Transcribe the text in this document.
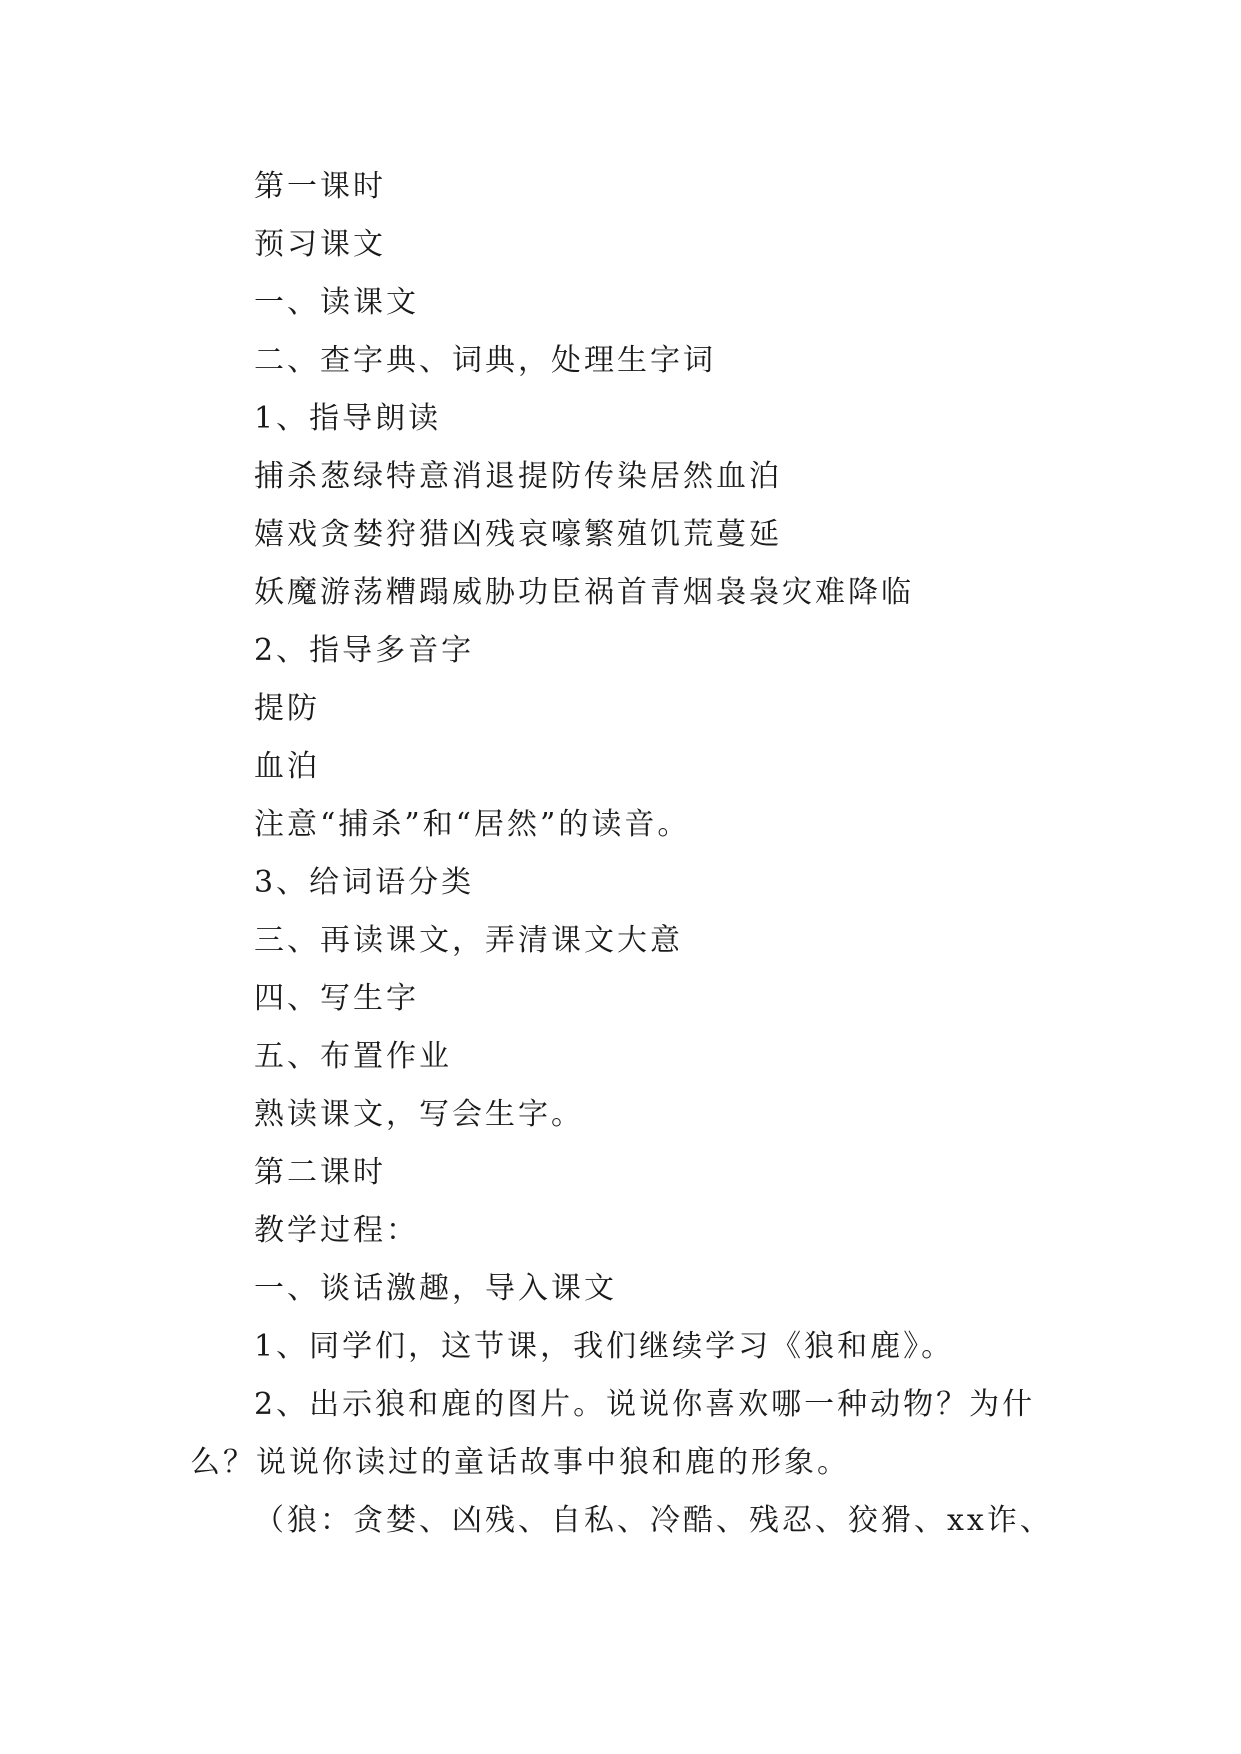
第一课时
预习课文
一、读课文
二、查字典、词典，处理生字词
1、指导朗读
捕杀葱绿特意消退提防传染居然血泊
嬉戏贪婪狩猎凶残哀嚎繁殖饥荒蔓延
妖魔游荡糟蹋威胁功臣祸首青烟袅袅灾难降临
2、指导多音字
提防
血泊
注意“捕杀”和“居然”的读音。
3、给词语分类
三、再读课文，弄清课文大意
四、写生字
五、布置作业
熟读课文，写会生字。
第二课时
教学过程：
一、谈话激趣，导入课文
1、同学们，这节课，我们继续学习《狼和鹿》。
2、出示狼和鹿的图片。说说你喜欢哪一种动物？为什么？说说你读过的童话故事中狼和鹿的形象。
（狼：贪婪、凶残、自私、冷酷、残忍、狡猾、xx诈、
